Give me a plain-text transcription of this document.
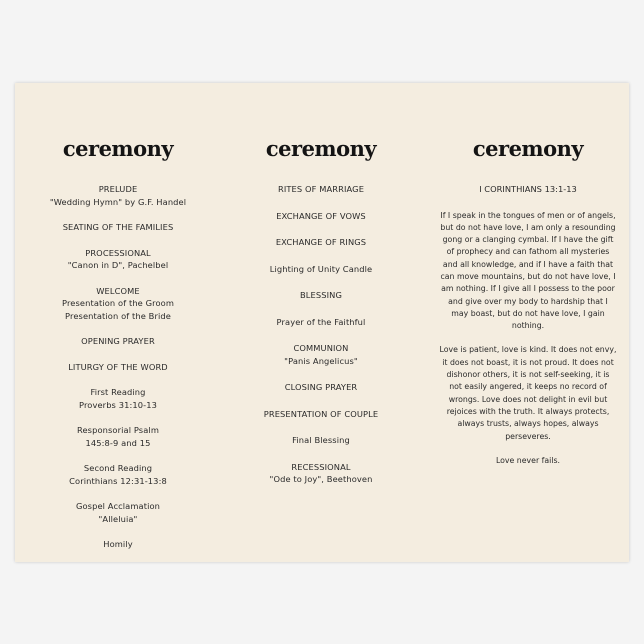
ceremony
PRELUDE
"Wedding Hymn" by G.F. Handel
SEATING OF THE FAMILIES
PROCESSIONAL
"Canon in D", Pachelbel
WELCOME
Presentation of the Groom
Presentation of the Bride
OPENING PRAYER
LITURGY OF THE WORD
First Reading
Proverbs 31:10-13
Responsorial Psalm
145:8-9 and 15
Second Reading
Corinthians 12:31-13:8
Gospel Acclamation
"Alleluia"
Homily
ceremony
RITES OF MARRIAGE
EXCHANGE OF VOWS
EXCHANGE OF RINGS
Lighting of Unity Candle
BLESSING
Prayer of the Faithful
COMMUNION
"Panis Angelicus"
CLOSING PRAYER
PRESENTATION OF COUPLE
Final Blessing
RECESSIONAL
"Ode to Joy", Beethoven
ceremony
I CORINTHIANS 13:1-13
If I speak in the tongues of men or of angels, but do not have love, I am only a resounding gong or a clanging cymbal. If I have the gift of prophecy and can fathom all mysteries and all knowledge, and if I have a faith that can move mountains, but do not have love, I am nothing. If I give all I possess to the poor and give over my body to hardship that I may boast, but do not have love, I gain nothing.
Love is patient, love is kind. It does not envy, it does not boast, it is not proud. It does not dishonor others, it is not self-seeking, it is not easily angered, it keeps no record of wrongs. Love does not delight in evil but rejoices with the truth. It always protects, always trusts, always hopes, always perseveres.
Love never fails.
